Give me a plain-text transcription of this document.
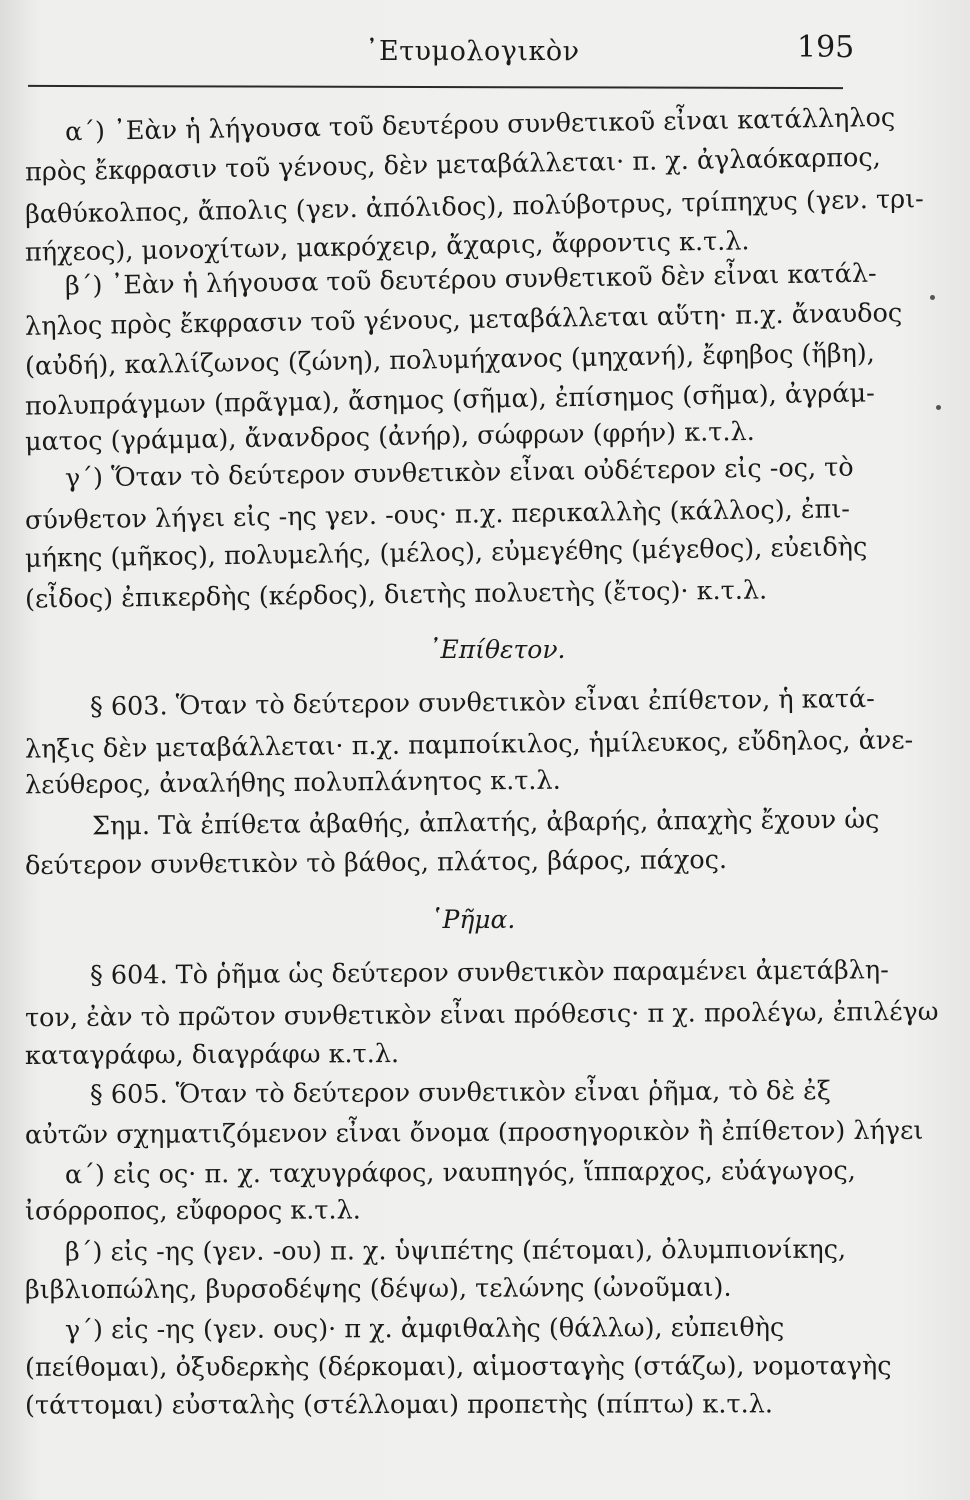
᾿Ετυμολογικὸν	195
α΄) ᾿Εὰν ἡ λήγουσα τοῦ δευτέρου συνθετικοῦ εἶναι κατάλληλος
πρὸς ἔκφρασιν τοῦ γένους, δὲν μεταβάλλεται· π. χ. ἀγλαόκαρπος,
βαθύκολπος, ἄπολις (γεν. ἀπόλιδος), πολύβοτρυς, τρίπηχυς (γεν. τρι-
πήχεος), μονοχίτων, μακρόχειρ, ἄχαρις, ἄφροντις κ.τ.λ.
β΄) ᾿Εὰν ἡ λήγουσα τοῦ δευτέρου συνθετικοῦ δὲν εἶναι κατάλ-
ληλος πρὸς ἔκφρασιν τοῦ γένους, μεταβάλλεται αὕτη· π.χ. ἄναυδος
(αὐδή), καλλίζωνος (ζώνη), πολυμήχανος (μηχανή), ἔφηβος (ἥβη),
πολυπράγμων (πρᾶγμα), ἄσημος (σῆμα), ἐπίσημος (σῆμα), ἀγράμ-
ματος (γράμμα), ἄνανδρος (ἀνήρ), σώφρων (φρήν) κ.τ.λ.
γ΄) Ὅταν τὸ δεύτερον συνθετικὸν εἶναι οὐδέτερον εἰς -ος, τὸ
σύνθετον λήγει εἰς -ης γεν. -ους· π.χ. περικαλλὴς (κάλλος), ἐπι-
μήκης (μῆκος), πολυμελής, (μέλος), εὐμεγέθης (μέγεθος), εὐειδὴς
(εἶδος) ἐπικερδὴς (κέρδος), διετὴς πολυετὴς (ἔτος)· κ.τ.λ.
᾿Επίθετον.
§ 603. Ὅταν τὸ δεύτερον συνθετικὸν εἶναι ἐπίθετον, ἡ κατά-
ληξις δὲν μεταβάλλεται· π.χ. παμποίκιλος, ἡμίλευκος, εὔδηλος, ἀνε-
λεύθερος, ἀναλήθης πολυπλάνητος κ.τ.λ.
Σημ. Τὰ ἐπίθετα ἀβαθής, ἀπλατής, ἀβαρής, ἀπαχὴς ἔχουν ὡς
δεύτερον συνθετικὸν τὸ βάθος, πλάτος, βάρος, πάχος.
῾Ρῆμα.
§ 604. Τὸ ῥῆμα ὡς δεύτερον συνθετικὸν παραμένει ἀμετάβλη-
τον, ἐὰν τὸ πρῶτον συνθετικὸν εἶναι πρόθεσις· π χ. προλέγω, ἐπιλέγω
καταγράφω, διαγράφω κ.τ.λ.
§ 605. Ὅταν τὸ δεύτερον συνθετικὸν εἶναι ῥῆμα, τὸ δὲ ἐξ
αὐτῶν σχηματιζόμενον εἶναι ὄνομα (προσηγορικὸν ἢ ἐπίθετον) λήγει
α΄) εἰς ος· π. χ. ταχυγράφος, ναυπηγός, ἵππαρχος, εὐάγωγος,
ἰσόρροπος, εὔφορος κ.τ.λ.
β΄) εἰς -ης (γεν. -ου) π. χ. ὑψιπέτης (πέτομαι), ὀλυμπιονίκης,
βιβλιοπώλης, βυρσοδέψης (δέψω), τελώνης (ὠνοῦμαι).
γ΄) εἰς -ης (γεν. ους)· π χ. ἀμφιθαλὴς (θάλλω), εὐπειθὴς
(πείθομαι), ὀξυδερκὴς (δέρκομαι), αἱμοσταγὴς (στάζω), νομοταγὴς
(τάττομαι) εὐσταλὴς (στέλλομαι) προπετὴς (πίπτω) κ.τ.λ.
